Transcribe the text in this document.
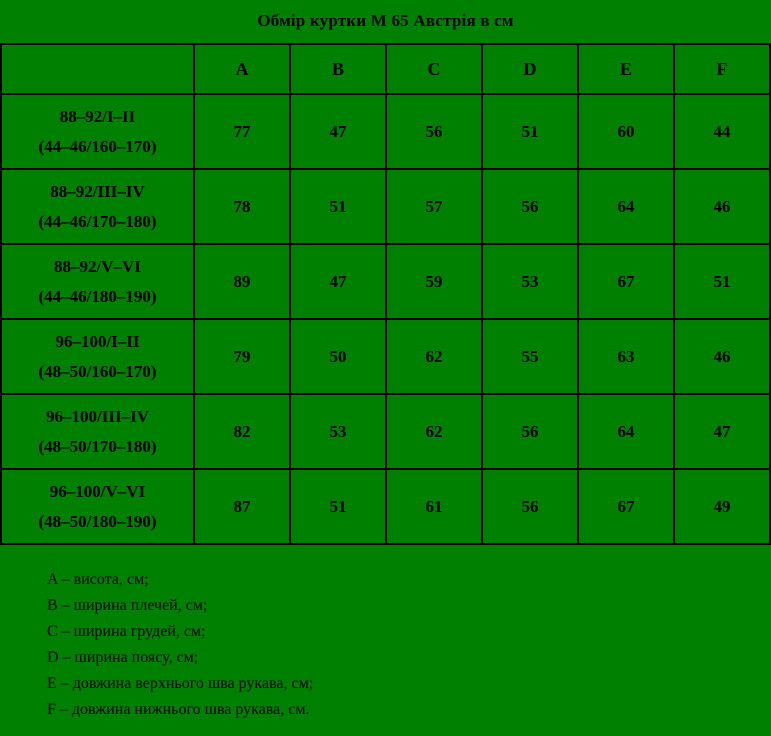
Обмір куртки М 65 Австрія в см
	A	B	C	D	E	F

88–92/I–II
(44–46/160–170)	77	47	56	51	60	44

88–92/III–IV
(44–46/170–180)	78	51	57	56	64	46

88–92/V–VI
(44–46/180–190)	89	47	59	53	67	51

96–100/I–II
(48–50/160–170)	79	50	62	55	63	46

96–100/III–IV
(48–50/170–180)	82	53	62	56	64	47

96–100/V–VI
(48–50/180–190)	87	51	61	56	67	49
A – висота, см;
B – ширина плечей, см;
C – ширина грудей, см;
D – ширина поясу, см;
E – довжина верхнього шва рукава, см;
F – довжина нижнього шва рукава, см.
